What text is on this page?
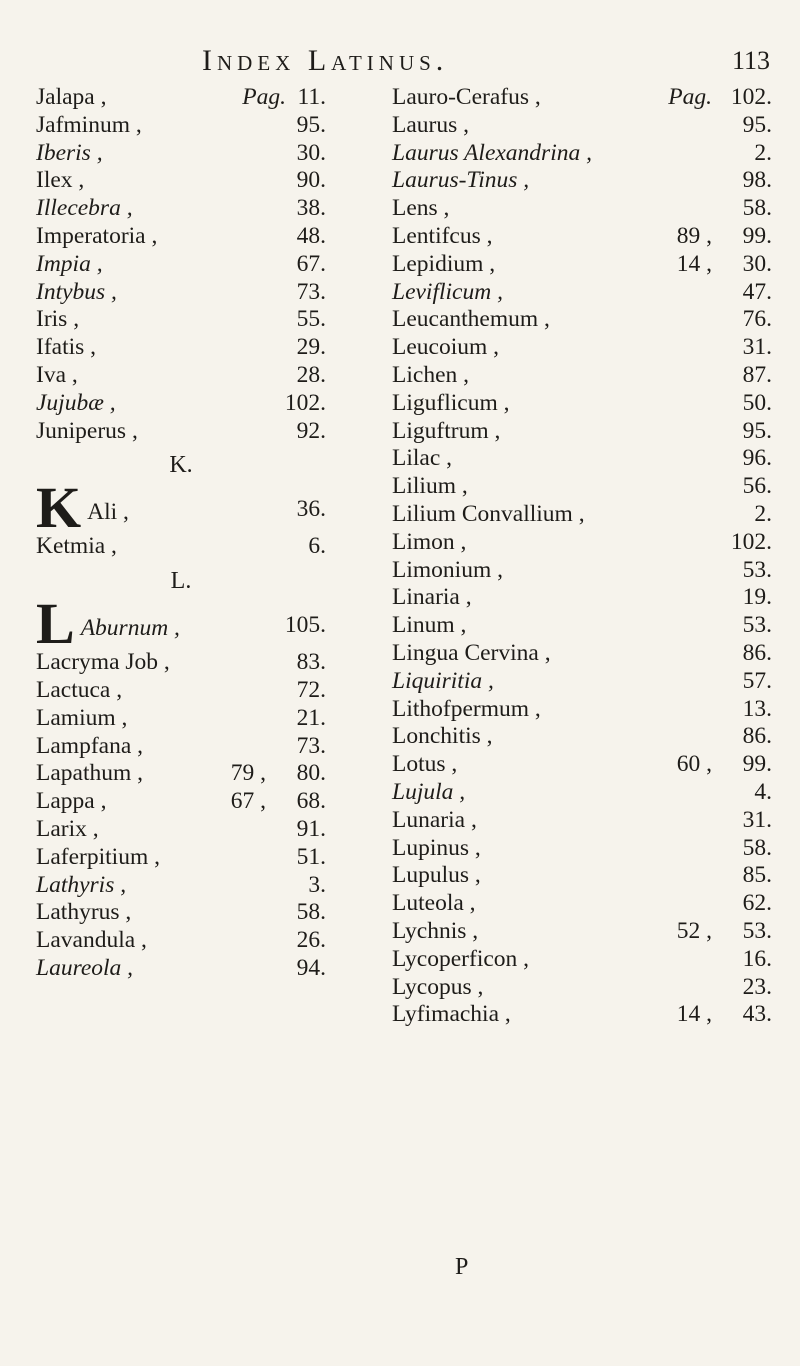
Index Latinus.	113
Jalapa ,	Pag. 11.
Jafminum ,	95.
Iberis ,	30.
Ilex ,	90.
Illecebra ,	38.
Imperatoria ,	48.
Impia ,	67.
Intybus ,	73.
Iris ,	55.
Ifatis ,	29.
Iva ,	28.
Jujubæ ,	102.
Juniperus ,	92.
K.
K Ali ,	36.
Ketmia ,	6.
L.
L Aburnum ,	105.
Lacryma Job ,	83.
Lactuca ,	72.
Lamium ,	21.
Lampfana ,	73.
Lapathum ,	79 , 80.
Lappa ,	67 , 68.
Larix ,	91.
Laferpitium ,	51.
Lathyris ,	3.
Lathyrus ,	58.
Lavandula ,	26.
Laureola ,	94.
Lauro-Cerafus ,	Pag. 102.
Laurus ,	95.
Laurus Alexandrina ,	2.
Laurus-Tinus ,	98.
Lens ,	58.
Lentifcus ,	89 , 99.
Lepidium ,	14 , 30.
Leviflicum ,	47.
Leucanthemum ,	76.
Leucoium ,	31.
Lichen ,	87.
Liguflicum ,	50.
Liguftrum ,	95.
Lilac ,	96.
Lilium ,	56.
Lilium Convallium ,	2.
Limon ,	102.
Limonium ,	53.
Linaria ,	19.
Linum ,	53.
Lingua Cervina ,	86.
Liquiritia ,	57.
Lithofpermum ,	13.
Lonchitis ,	86.
Lotus ,	60 , 99.
Lujula ,	4.
Lunaria ,	31.
Lupinus ,	58.
Lupulus ,	85.
Luteola ,	62.
Lychnis ,	52 , 53.
Lycoperficon ,	16.
Lycopus ,	23.
Lyfimachia ,	14 , 43.
P
